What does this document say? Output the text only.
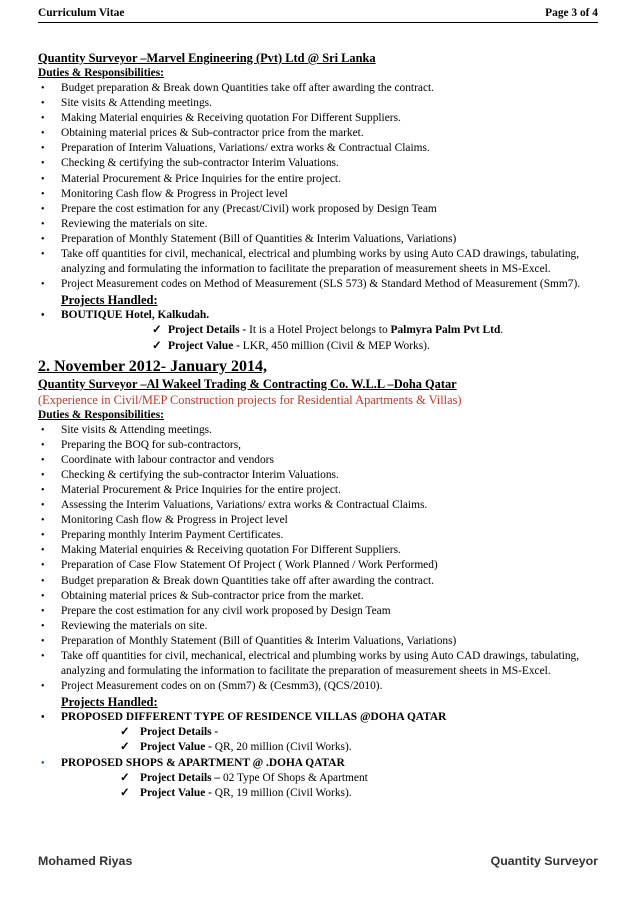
Curriculum Vitae	Page 3 of 4
Quantity Surveyor –Marvel Engineering (Pvt) Ltd @ Sri Lanka
Duties & Responsibilities:
• Budget preparation & Break down Quantities take off after awarding the contract.
• Site visits & Attending meetings.
• Making Material enquiries & Receiving quotation For Different Suppliers.
• Obtaining material prices & Sub-contractor price from the market.
• Preparation of Interim Valuations, Variations/ extra works & Contractual Claims.
• Checking & certifying the sub-contractor Interim Valuations.
• Material Procurement & Price Inquiries for the entire project.
• Monitoring Cash flow & Progress in Project level
• Prepare the cost estimation for any (Precast/Civil) work proposed by Design Team
• Reviewing the materials on site.
• Preparation of Monthly Statement (Bill of Quantities & Interim Valuations, Variations)
• Take off quantities for civil, mechanical, electrical and plumbing works by using Auto CAD drawings, tabulating, analyzing and formulating the information to facilitate the preparation of measurement sheets in MS-Excel.
• Project Measurement codes on Method of Measurement (SLS 573) & Standard Method of Measurement (Smm7).
Projects Handled:
• BOUTIQUE Hotel, Kalkudah.
✓ Project Details - It is a Hotel Project belongs to Palmyra Palm Pvt Ltd.
✓ Project Value - LKR, 450 million (Civil & MEP Works).
2. November 2012- January 2014,
Quantity Surveyor –Al Wakeel Trading & Contracting Co. W.L.L –Doha Qatar
(Experience in Civil/MEP Construction projects for Residential Apartments & Villas)
Duties & Responsibilities:
• Site visits & Attending meetings.
• Preparing the BOQ for sub-contractors,
• Coordinate with labour contractor and vendors
• Checking & certifying the sub-contractor Interim Valuations.
• Material Procurement & Price Inquiries for the entire project.
• Assessing the Interim Valuations, Variations/ extra works & Contractual Claims.
• Monitoring Cash flow & Progress in Project level
• Preparing monthly Interim Payment Certificates.
• Making Material enquiries & Receiving quotation For Different Suppliers.
• Preparation of Case Flow Statement Of Project ( Work Planned / Work Performed)
• Budget preparation & Break down Quantities take off after awarding the contract.
• Obtaining material prices & Sub-contractor price from the market.
• Prepare the cost estimation for any civil work proposed by Design Team
• Reviewing the materials on site.
• Preparation of Monthly Statement (Bill of Quantities & Interim Valuations, Variations)
• Take off quantities for civil, mechanical, electrical and plumbing works by using Auto CAD drawings, tabulating, analyzing and formulating the information to facilitate the preparation of measurement sheets in MS-Excel.
• Project Measurement codes on on (Smm7) & (Cesmm3), (QCS/2010).
Projects Handled:
• PROPOSED DIFFERENT TYPE OF RESIDENCE VILLAS @DOHA QATAR
✓ Project Details -
✓ Project Value - QR, 20 million (Civil Works).
• PROPOSED SHOPS & APARTMENT @ .DOHA QATAR
✓ Project Details – 02 Type Of Shops & Apartment
✓ Project Value - QR, 19 million (Civil Works).
Mohamed Riyas	Quantity Surveyor
